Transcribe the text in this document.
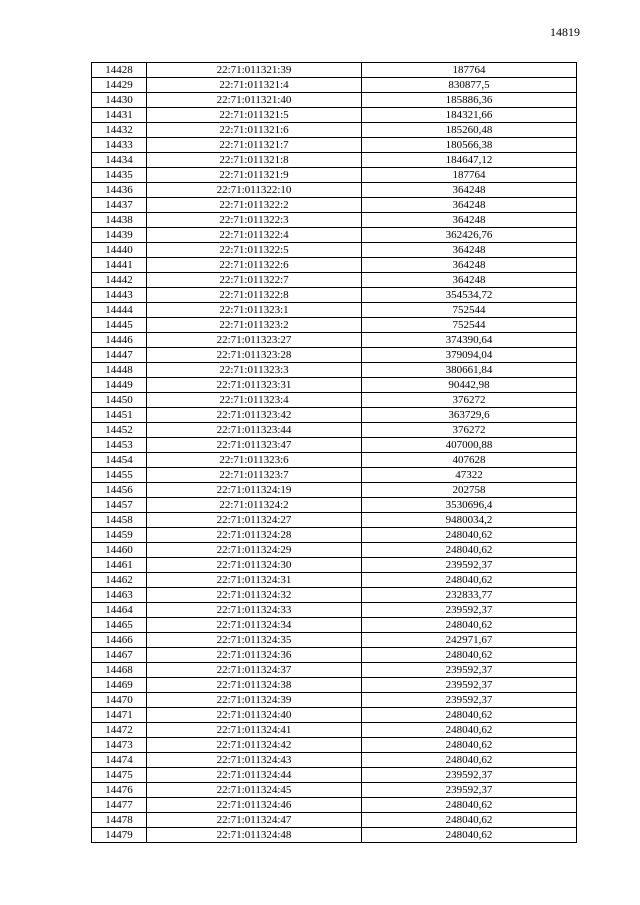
14819
14428	22:71:011321:39	187764
14429	22:71:011321:4	830877,5
14430	22:71:011321:40	185886,36
14431	22:71:011321:5	184321,66
14432	22:71:011321:6	185260,48
14433	22:71:011321:7	180566,38
14434	22:71:011321:8	184647,12
14435	22:71:011321:9	187764
14436	22:71:011322:10	364248
14437	22:71:011322:2	364248
14438	22:71:011322:3	364248
14439	22:71:011322:4	362426,76
14440	22:71:011322:5	364248
14441	22:71:011322:6	364248
14442	22:71:011322:7	364248
14443	22:71:011322:8	354534,72
14444	22:71:011323:1	752544
14445	22:71:011323:2	752544
14446	22:71:011323:27	374390,64
14447	22:71:011323:28	379094,04
14448	22:71:011323:3	380661,84
14449	22:71:011323:31	90442,98
14450	22:71:011323:4	376272
14451	22:71:011323:42	363729,6
14452	22:71:011323:44	376272
14453	22:71:011323:47	407000,88
14454	22:71:011323:6	407628
14455	22:71:011323:7	47322
14456	22:71:011324:19	202758
14457	22:71:011324:2	3530696,4
14458	22:71:011324:27	9480034,2
14459	22:71:011324:28	248040,62
14460	22:71:011324:29	248040,62
14461	22:71:011324:30	239592,37
14462	22:71:011324:31	248040,62
14463	22:71:011324:32	232833,77
14464	22:71:011324:33	239592,37
14465	22:71:011324:34	248040,62
14466	22:71:011324:35	242971,67
14467	22:71:011324:36	248040,62
14468	22:71:011324:37	239592,37
14469	22:71:011324:38	239592,37
14470	22:71:011324:39	239592,37
14471	22:71:011324:40	248040,62
14472	22:71:011324:41	248040,62
14473	22:71:011324:42	248040,62
14474	22:71:011324:43	248040,62
14475	22:71:011324:44	239592,37
14476	22:71:011324:45	239592,37
14477	22:71:011324:46	248040,62
14478	22:71:011324:47	248040,62
14479	22:71:011324:48	248040,62
